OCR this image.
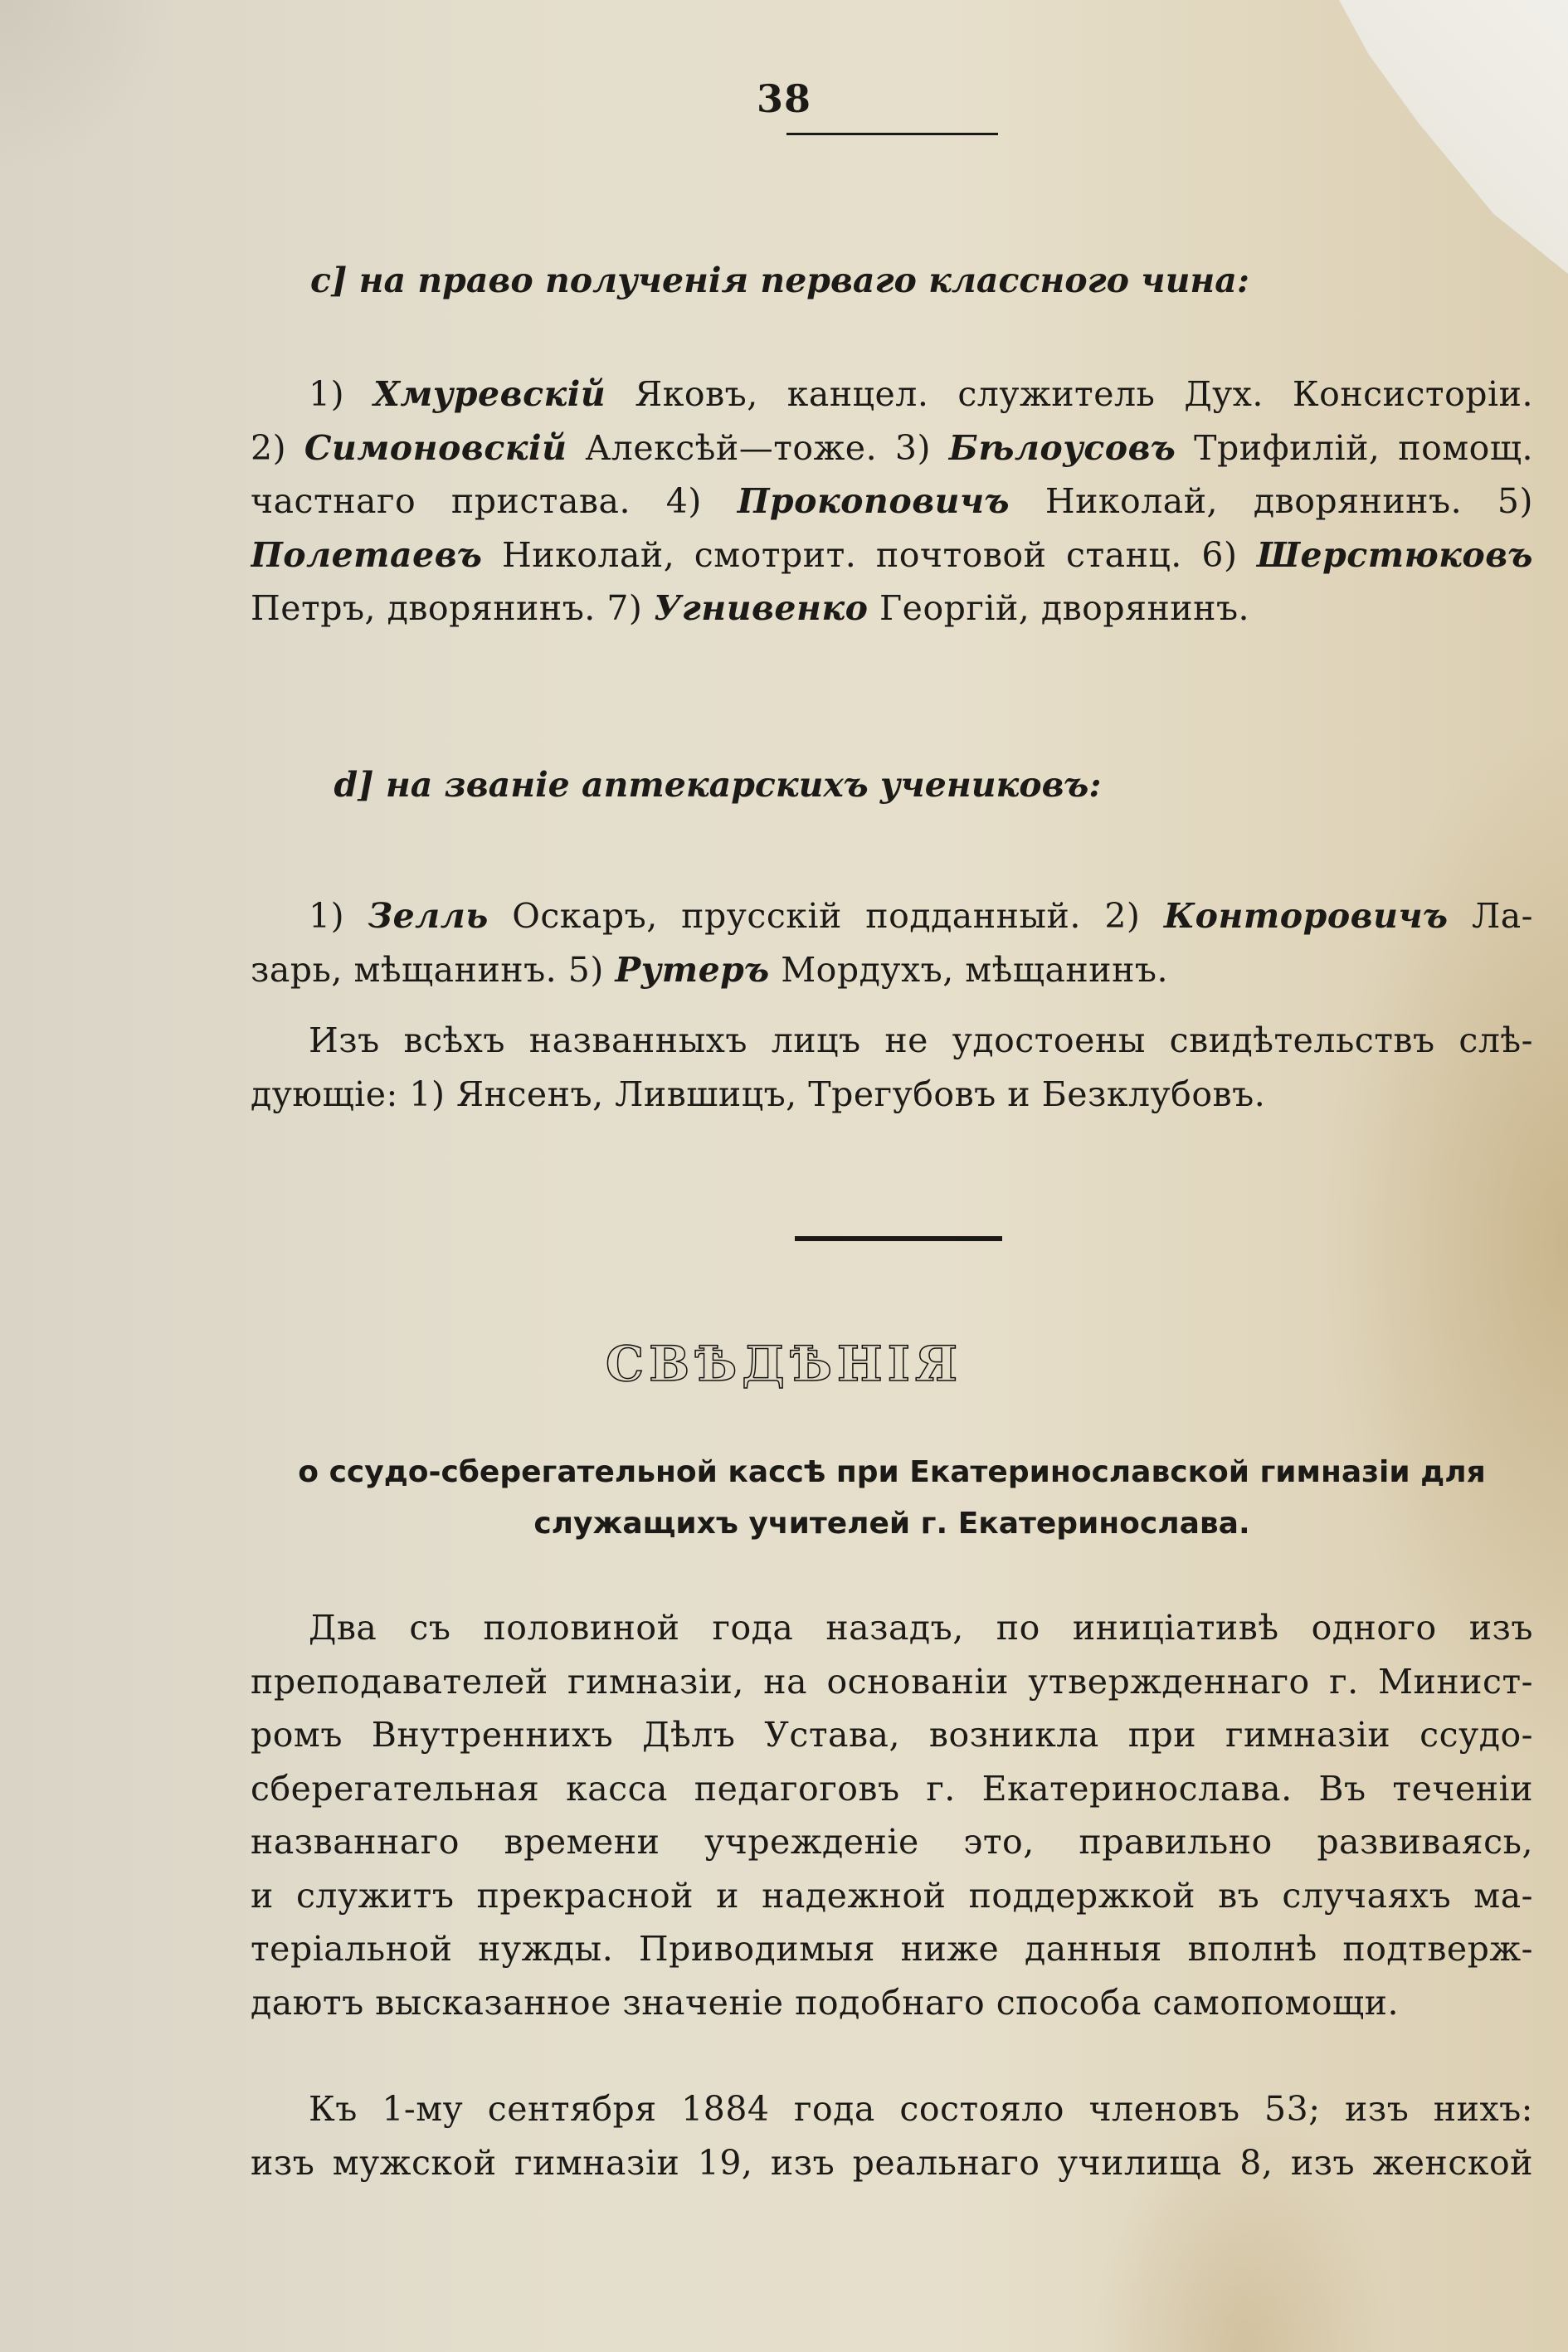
38
c] на право полученія перваго классного чина:
1) Хмуревскій Яковъ, канцел. служитель Дух. Консисторіи.
2) Симоновскій Алексѣй—тоже. 3) Бѣлоусовъ Трифилій, помощ.
частнаго пристава. 4) Прокоповичъ Николай, дворянинъ. 5)
Полетаевъ Николай, смотрит. почтовой станц. 6) Шерстюковъ
Петръ, дворянинъ. 7) Угнивенко Георгій, дворянинъ.
d] на званіе аптекарскихъ учениковъ:
1) Зелль Оскаръ, прусскій подданный. 2) Конторовичъ Ла-
зарь, мѣщанинъ. 5) Рутеръ Мордухъ, мѣщанинъ.
Изъ всѣхъ названныхъ лицъ не удостоены свидѣтельствъ слѣ-
дующіе: 1) Янсенъ, Лившицъ, Трегубовъ и Безклубовъ.
СВѢДѢНІЯ
о ссудо-сберегательной кассѣ при Екатеринославской гимназіи для
служащихъ учителей г. Екатеринослава.
Два съ половиной года назадъ, по иниціативѣ одного изъ
преподавателей гимназіи, на основаніи утвержденнаго г. Минист-
ромъ Внутреннихъ Дѣлъ Устава, возникла при гимназіи ссудо-
сберегательная касса педагоговъ г. Екатеринослава. Въ теченіи
названнаго времени учрежденіе это, правильно развиваясь,
и служитъ прекрасной и надежной поддержкой въ случаяхъ ма-
теріальной нужды. Приводимыя ниже данныя вполнѣ подтверж-
даютъ высказанное значеніе подобнаго способа самопомощи.
Къ 1-му сентября 1884 года состояло членовъ 53; изъ нихъ:
изъ мужской гимназіи 19, изъ реальнаго училища 8, изъ женской
